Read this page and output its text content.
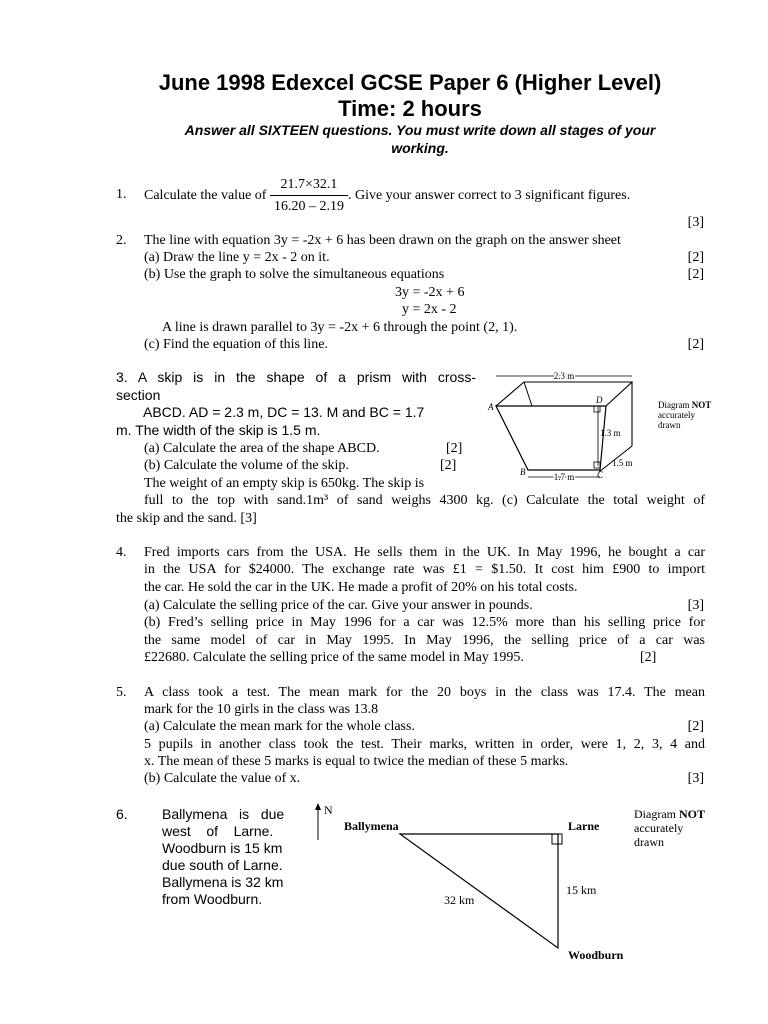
June 1998 Edexcel GCSE Paper 6 (Higher Level)
Time: 2 hours
Answer all SIXTEEN questions. You must write down all stages of your
working.
1. Calculate the value of
$\frac{21.7\times 32.1}{16.20 - 2.19}$ . Give your answer correct to 3 significant figures.
[3]
2. The line with equation 3y = -2x + 6 has been drawn on the graph on the answer sheet
(a) Draw the line y = 2x - 2 on it.	[2]
(b) Use the graph to solve the simultaneous equations	[2]
3y = -2x + 6
y = 2x - 2
A line is drawn parallel to 3y = -2x + 6 through the point (2, 1).
(c) Find the equation of this line.	[2]
3. A skip is in the shape of a prism with cross-
section
ABCD. AD = 2.3 m, DC = 13. M and BC = 1.7
m. The width of the skip is 1.5 m.
(a) Calculate the area of the shape ABCD.	[2]
(b) Calculate the volume of the skip.	[2]
The weight of an empty skip is 650kg. The skip is
full to the top with sand.1m³ of sand weighs 4300 kg. (c) Calculate the total weight of
the skip and the sand. [3]
2.3 m
1.3 m
1.5 m
1.7 m
A
D
B	C
Diagram NOT
accurately
drawn
4. Fred imports cars from the USA. He sells them in the UK. In May 1996, he bought a car
in the USA for $24000. The exchange rate was £1 = $1.50. It cost him £900 to import
the car. He sold the car in the UK. He made a profit of 20% on his total costs.
(a) Calculate the selling price of the car. Give your answer in pounds.	[3]
(b) Fred’s selling price in May 1996 for a car was 12.5% more than his selling price for
the same model of car in May 1995. In May 1996, the selling price of a car was
£22680. Calculate the selling price of the same model in May 1995.	[2]
5. A class took a test. The mean mark for the 20 boys in the class was 17.4. The mean
mark for the 10 girls in the class was 13.8
(a) Calculate the mean mark for the whole class.	[2]
5 pupils in another class took the test. Their marks, written in order, were 1, 2, 3, 4 and
x. The mean of these 5 marks is equal to twice the median of these 5 marks.
(b) Calculate the value of x.	[3]
6. Ballymena   is   due
west    of    Larne.
Woodburn is 15 km
due south of Larne.
Ballymena is 32 km
from Woodburn.
N
Ballymena	Larne
Woodburn
32 km
15 km
Diagram NOT
accurately
drawn
